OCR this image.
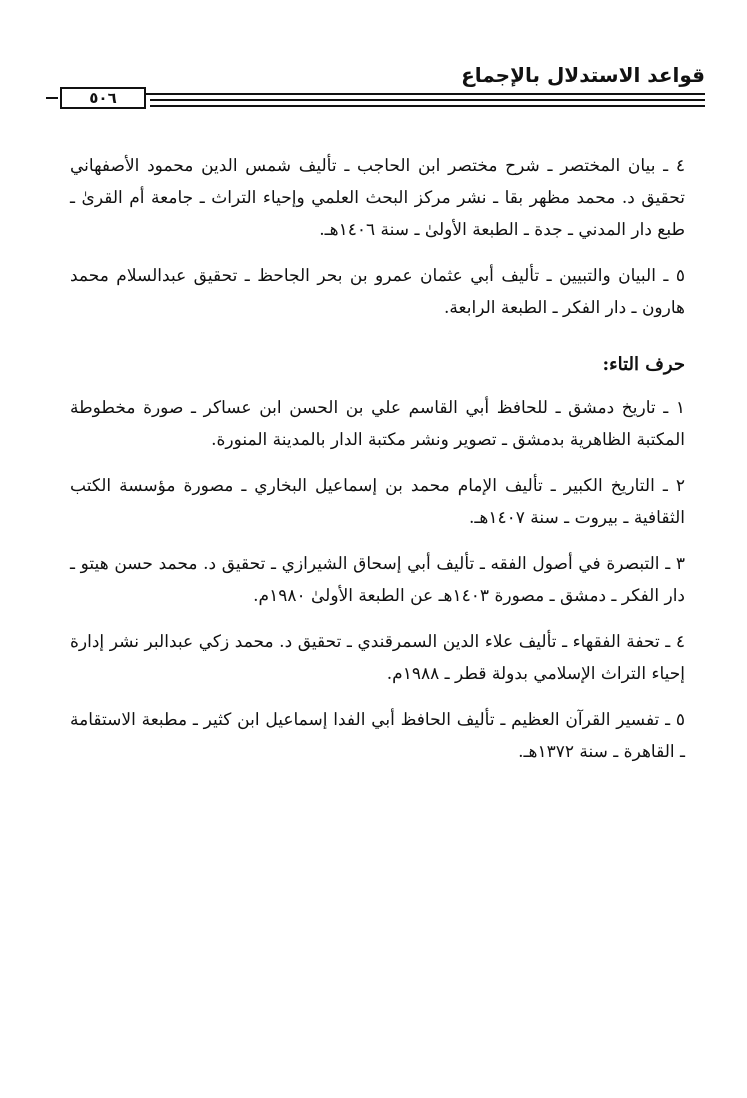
قواعد الاستدلال بالإجماع
٥٠٦

٤ ـ بيان المختصر ـ شرح مختصر ابن الحاجب ـ تأليف شمس الدين محمود الأصفهاني تحقيق د. محمد مظهر بقا ـ نشر مركز البحث العلمي وإحياء التراث ـ جامعة أم القرىٰ ـ طبع دار المدني ـ جدة ـ الطبعة الأولىٰ ـ سنة ١٤٠٦هـ.

٥ ـ البيان والتبيين ـ تأليف أبي عثمان عمرو بن بحر الجاحظ ـ تحقيق عبدالسلام محمد هارون ـ دار الفكر ـ الطبعة الرابعة.

حرف التاء:

١ ـ تاريخ دمشق ـ للحافظ أبي القاسم علي بن الحسن ابن عساكر ـ صورة مخطوطة المكتبة الظاهرية بدمشق ـ تصوير ونشر مكتبة الدار بالمدينة المنورة.

٢ ـ التاريخ الكبير ـ تأليف الإمام محمد بن إسماعيل البخاري ـ مصورة مؤسسة الكتب الثقافية ـ بيروت ـ سنة ١٤٠٧هـ.

٣ ـ التبصرة في أصول الفقه ـ تأليف أبي إسحاق الشيرازي ـ تحقيق د. محمد حسن هيتو ـ دار الفكر ـ دمشق ـ مصورة ١٤٠٣هـ عن الطبعة الأولىٰ ١٩٨٠م.

٤ ـ تحفة الفقهاء ـ تأليف علاء الدين السمرقندي ـ تحقيق د. محمد زكي عبدالبر نشر إدارة إحياء التراث الإسلامي بدولة قطر ـ ١٩٨٨م.

٥ ـ تفسير القرآن العظيم ـ تأليف الحافظ أبي الفدا إسماعيل ابن كثير ـ مطبعة الاستقامة ـ القاهرة ـ سنة ١٣٧٢هـ.
